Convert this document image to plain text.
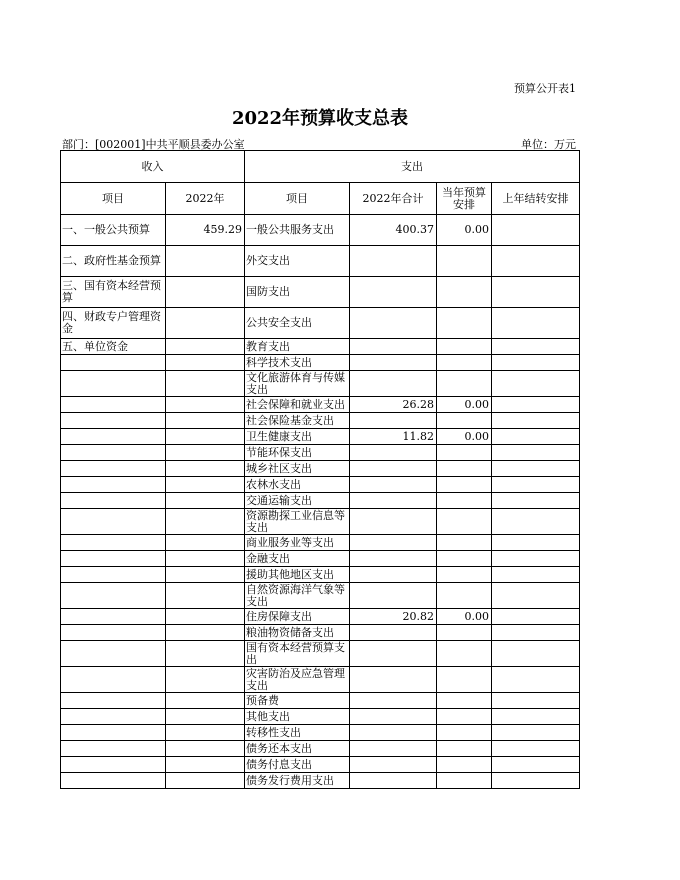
预算公开表1
2022年预算收支总表
部门：[002001]中共平顺县委办公室	单位：万元
收入		支出			
项目	2022年	项目	2022年合计	当年预算安排	上年结转安排
一、一般公共预算	459.29	一般公共服务支出	400.37	0.00	
二、政府性基金预算		外交支出			
三、国有资本经营预算		国防支出			
四、财政专户管理资金		公共安全支出			
五、单位资金		教育支出			
		科学技术支出			
		文化旅游体育与传媒支出			
		社会保障和就业支出	26.28	0.00	
		社会保险基金支出			
		卫生健康支出	11.82	0.00	
		节能环保支出			
		城乡社区支出			
		农林水支出			
		交通运输支出			
		资源勘探工业信息等支出			
		商业服务业等支出			
		金融支出			
		援助其他地区支出			
		自然资源海洋气象等支出			
		住房保障支出	20.82	0.00	
		粮油物资储备支出			
		国有资本经营预算支出			
		灾害防治及应急管理支出			
		预备费			
		其他支出			
		转移性支出			
		债务还本支出			
		债务付息支出			
		债务发行费用支出			
